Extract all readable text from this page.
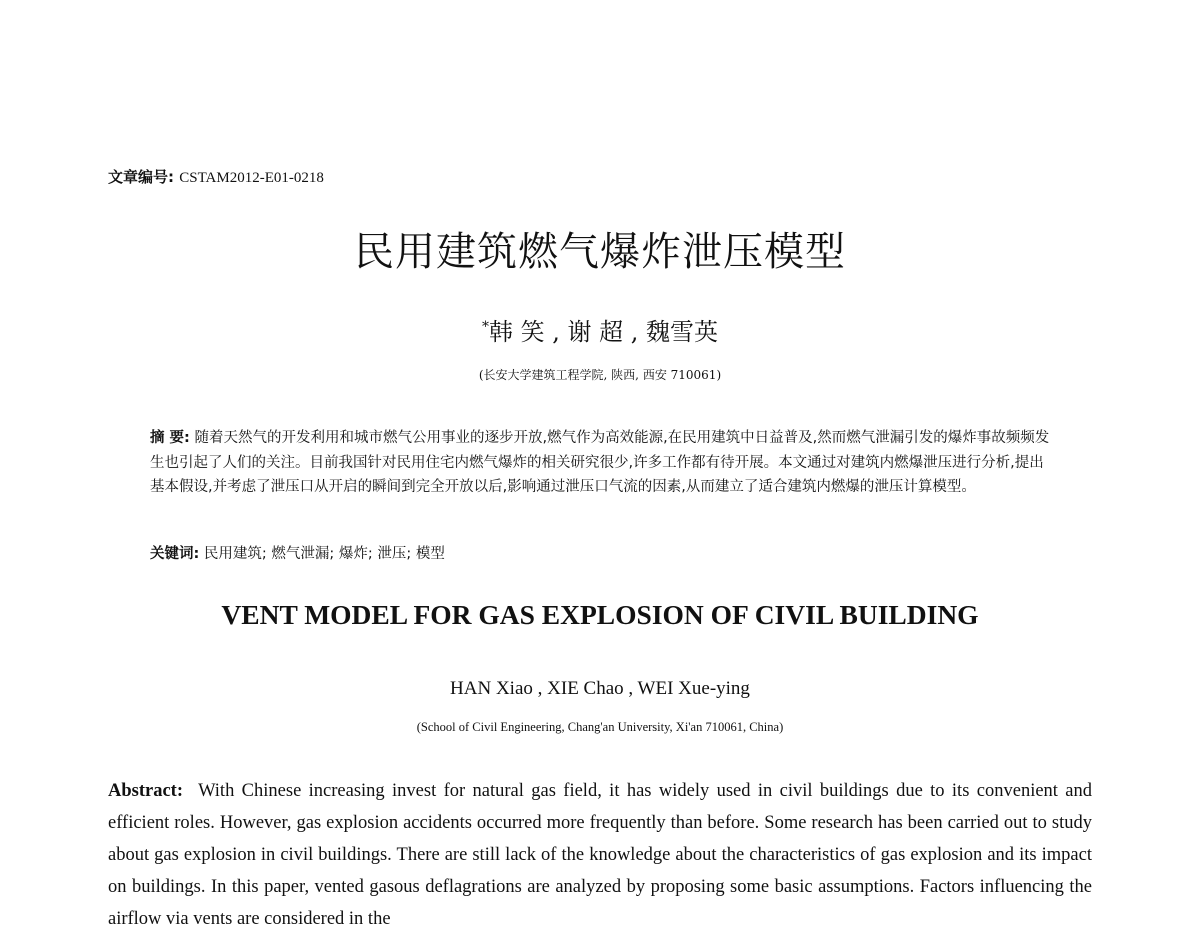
文章编号: CSTAM2012-E01-0218
民用建筑燃气爆炸泄压模型
*韩 笑 , 谢 超 , 魏雪英
(长安大学建筑工程学院, 陕西, 西安 710061)
摘 要: 随着天然气的开发利用和城市燃气公用事业的逐步开放,燃气作为高效能源,在民用建筑中日益普及,然而燃气泄漏引发的爆炸事故频频发生也引起了人们的关注。目前我国针对民用住宅内燃气爆炸的相关研究很少,许多工作都有待开展。本文通过对建筑内燃爆泄压进行分析,提出基本假设,并考虑了泄压口从开启的瞬间到完全开放以后,影响通过泄压口气流的因素,从而建立了适合建筑内燃爆的泄压计算模型。
关键词: 民用建筑; 燃气泄漏; 爆炸; 泄压; 模型
VENT MODEL FOR GAS EXPLOSION OF CIVIL BUILDING
HAN Xiao , XIE Chao , WEI Xue-ying
(School of Civil Engineering, Chang'an University, Xi'an 710061, China)
Abstract: With Chinese increasing invest for natural gas field, it has widely used in civil buildings due to its convenient and efficient roles. However, gas explosion accidents occurred more frequently than before. Some research has been carried out to study about gas explosion in civil buildings. There are still lack of the knowledge about the characteristics of gas explosion and its impact on buildings. In this paper, vented gasous deflagrations are analyzed by proposing some basic assumptions. Factors influencing the airflow via vents are considered in the
